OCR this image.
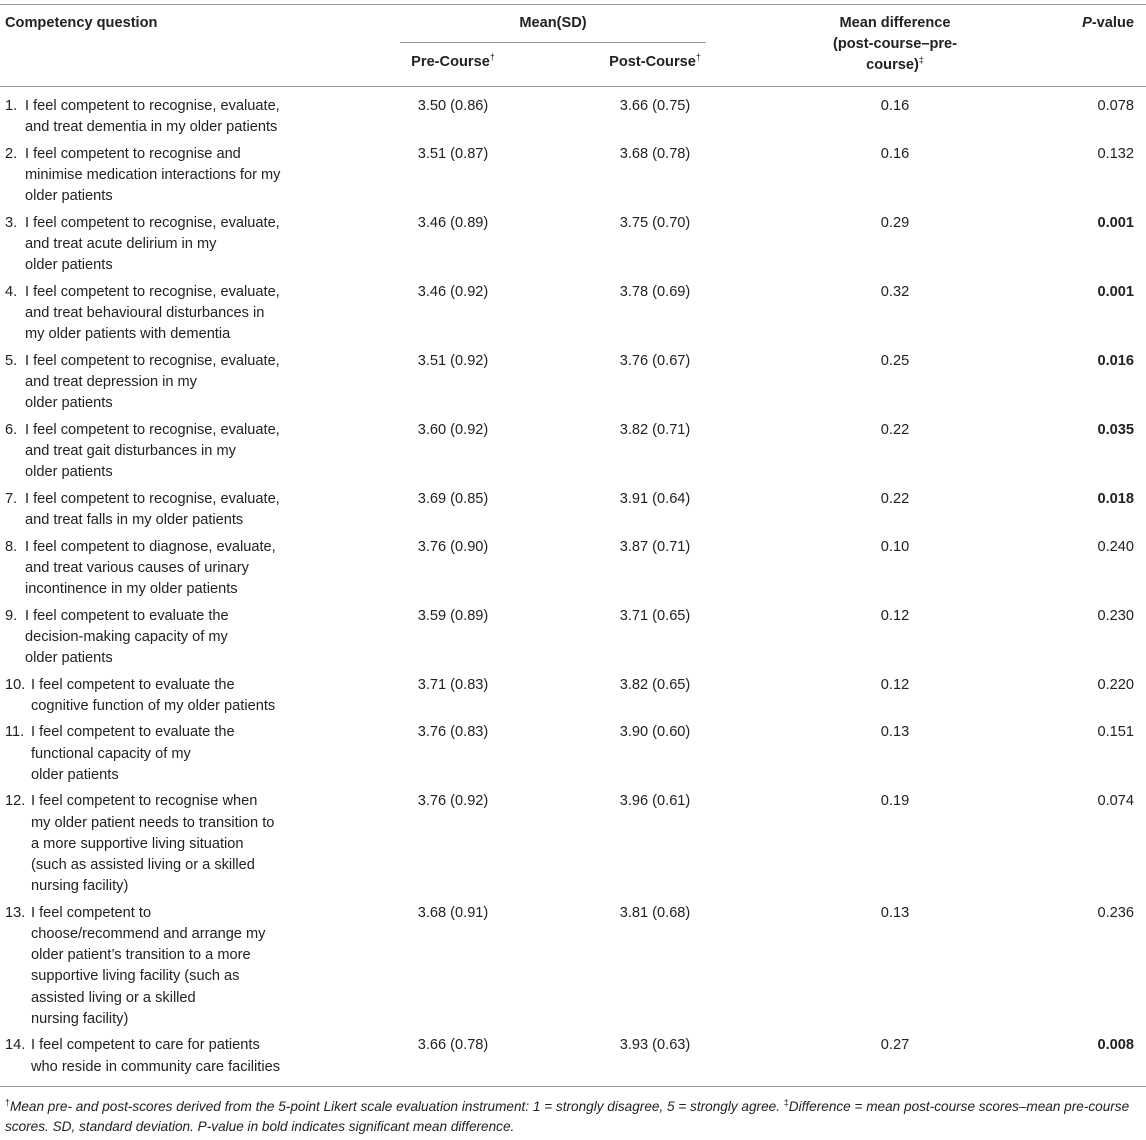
Competency question	Mean(SD)
Pre-Course†	Post-Course†
Mean difference
(post-course–pre-
course)‡
P-value
1. I feel competent to recognise, evaluate,
and treat dementia in my older patients
3.50 (0.86)	3.66 (0.75)	0.16	0.078
2. I feel competent to recognise and
minimise medication interactions for my
older patients
3.51 (0.87)	3.68 (0.78)	0.16	0.132
3. I feel competent to recognise, evaluate,
and treat acute delirium in my
older patients
3.46 (0.89)	3.75 (0.70)	0.29	0.001
4. I feel competent to recognise, evaluate,
and treat behavioural disturbances in
my older patients with dementia
3.46 (0.92)	3.78 (0.69)	0.32	0.001
5. I feel competent to recognise, evaluate,
and treat depression in my
older patients
3.51 (0.92)	3.76 (0.67)	0.25	0.016
6. I feel competent to recognise, evaluate,
and treat gait disturbances in my
older patients
3.60 (0.92)	3.82 (0.71)	0.22	0.035
7. I feel competent to recognise, evaluate,
and treat falls in my older patients
3.69 (0.85)	3.91 (0.64)	0.22	0.018
8. I feel competent to diagnose, evaluate,
and treat various causes of urinary
incontinence in my older patients
3.76 (0.90)	3.87 (0.71)	0.10	0.240
9. I feel competent to evaluate the
decision-making capacity of my
older patients
3.59 (0.89)	3.71 (0.65)	0.12	0.230
10. I feel competent to evaluate the
cognitive function of my older patients
3.71 (0.83)	3.82 (0.65)	0.12	0.220
11. I feel competent to evaluate the
functional capacity of my
older patients
3.76 (0.83)	3.90 (0.60)	0.13	0.151
12. I feel competent to recognise when
my older patient needs to transition to
a more supportive living situation
(such as assisted living or a skilled
nursing facility)
3.76 (0.92)	3.96 (0.61)	0.19	0.074
13. I feel competent to
choose/recommend and arrange my
older patient’s transition to a more
supportive living facility (such as
assisted living or a skilled
nursing facility)
3.68 (0.91)	3.81 (0.68)	0.13	0.236
14. I feel competent to care for patients
who reside in community care facilities
3.66 (0.78)	3.93 (0.63)	0.27	0.008
†Mean pre- and post-scores derived from the 5-point Likert scale evaluation instrument: 1 = strongly disagree, 5 = strongly agree. ‡Difference = mean post-course scores–mean pre-course scores. SD, standard deviation. P-value in bold indicates significant mean difference.
